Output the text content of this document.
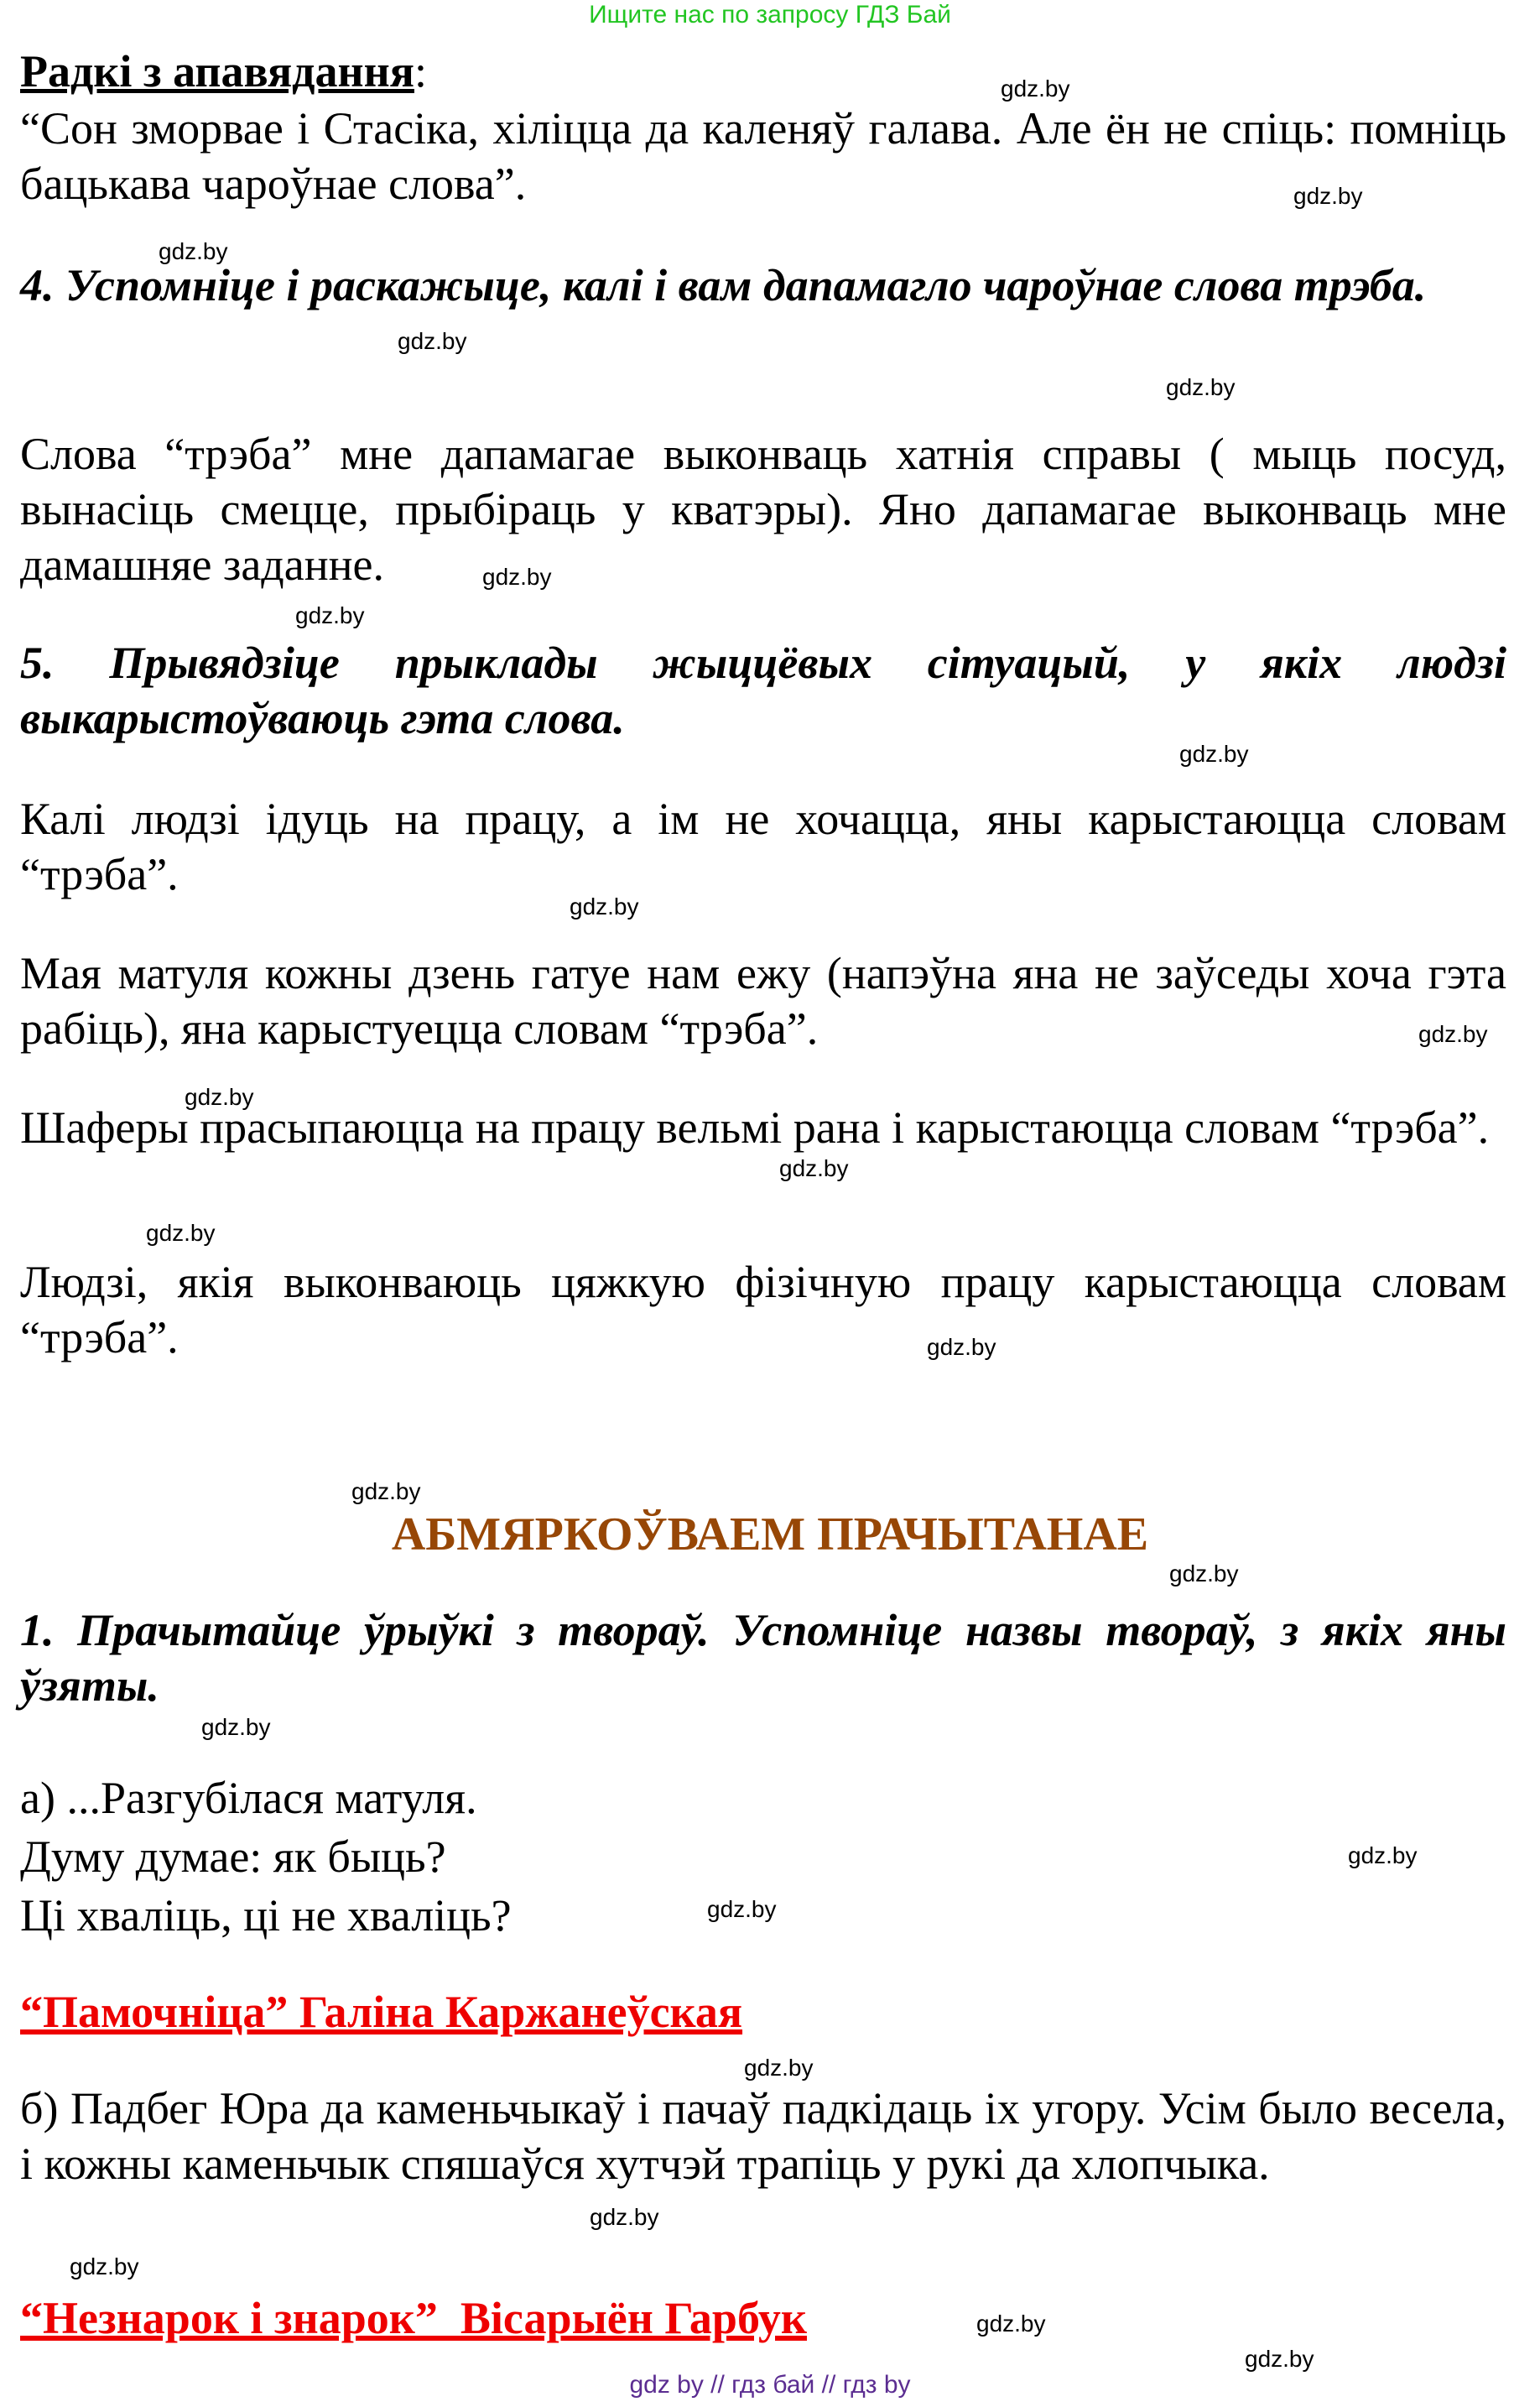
Ищите нас по запросу ГДЗ Бай
Радкі з апавядання:
“Сон зморвае і Стасіка, хіліцца да каленяў галава. Але ён не спіць: помніць бацькава чароўнае слова”.
4. Успомніце і раскажыце, калі і вам дапамагло чароўнае слова трэба.
Слова “трэба” мне дапамагае выконваць хатнія справы ( мыць посуд, вынасіць смецце, прыбіраць у кватэры). Яно дапамагае выконваць мне дамашняе заданне.
5. Прывядзіце прыклады жыццёвых сітуацый, у якіх людзі выкарыстоўваюць гэта слова.
Калі людзі ідуць на працу, а ім не хочацца, яны карыстаюцца словам “трэба”.
Мая матуля кожны дзень гатуе нам ежу (напэўна яна не заўседы хоча гэта рабіць), яна карыстуецца словам “трэба”.
Шаферы прасыпаюцца на працу вельмі рана і карыстаюцца словам “трэба”.
Людзі, якія выконваюць цяжкую фізічную працу карыстаюцца словам “трэба”.
АБМЯРКОЎВАЕМ ПРАЧЫТАНАЕ
1. Прачытайце ўрыўкі з твораў. Успомніце назвы твораў, з якіх яны ўзяты.
а) ...Разгубілася матуля.
Думу думае: як быць?
Ці хваліць, ці не хваліць?
“Памочніца” Галіна Каржанеўская
б) Падбег Юра да каменьчыкаў і пачаў падкідаць іх угору. Усім было весела, і кожны каменьчык спяшаўся хутчэй трапіць у рукі да хлопчыка.
“Незнарок і знарок”  Вісарыён Гарбук
gdz.by
gdz.by
gdz.by
gdz.by
gdz.by
gdz.by
gdz.by
gdz.by
gdz.by
gdz.by
gdz.by
gdz.by
gdz.by
gdz.by
gdz.by
gdz.by
gdz.by
gdz.by
gdz.by
gdz.by
gdz.by
gdz.by
gdz.by
gdz.by
gdz by // гдз бай // гдз by
